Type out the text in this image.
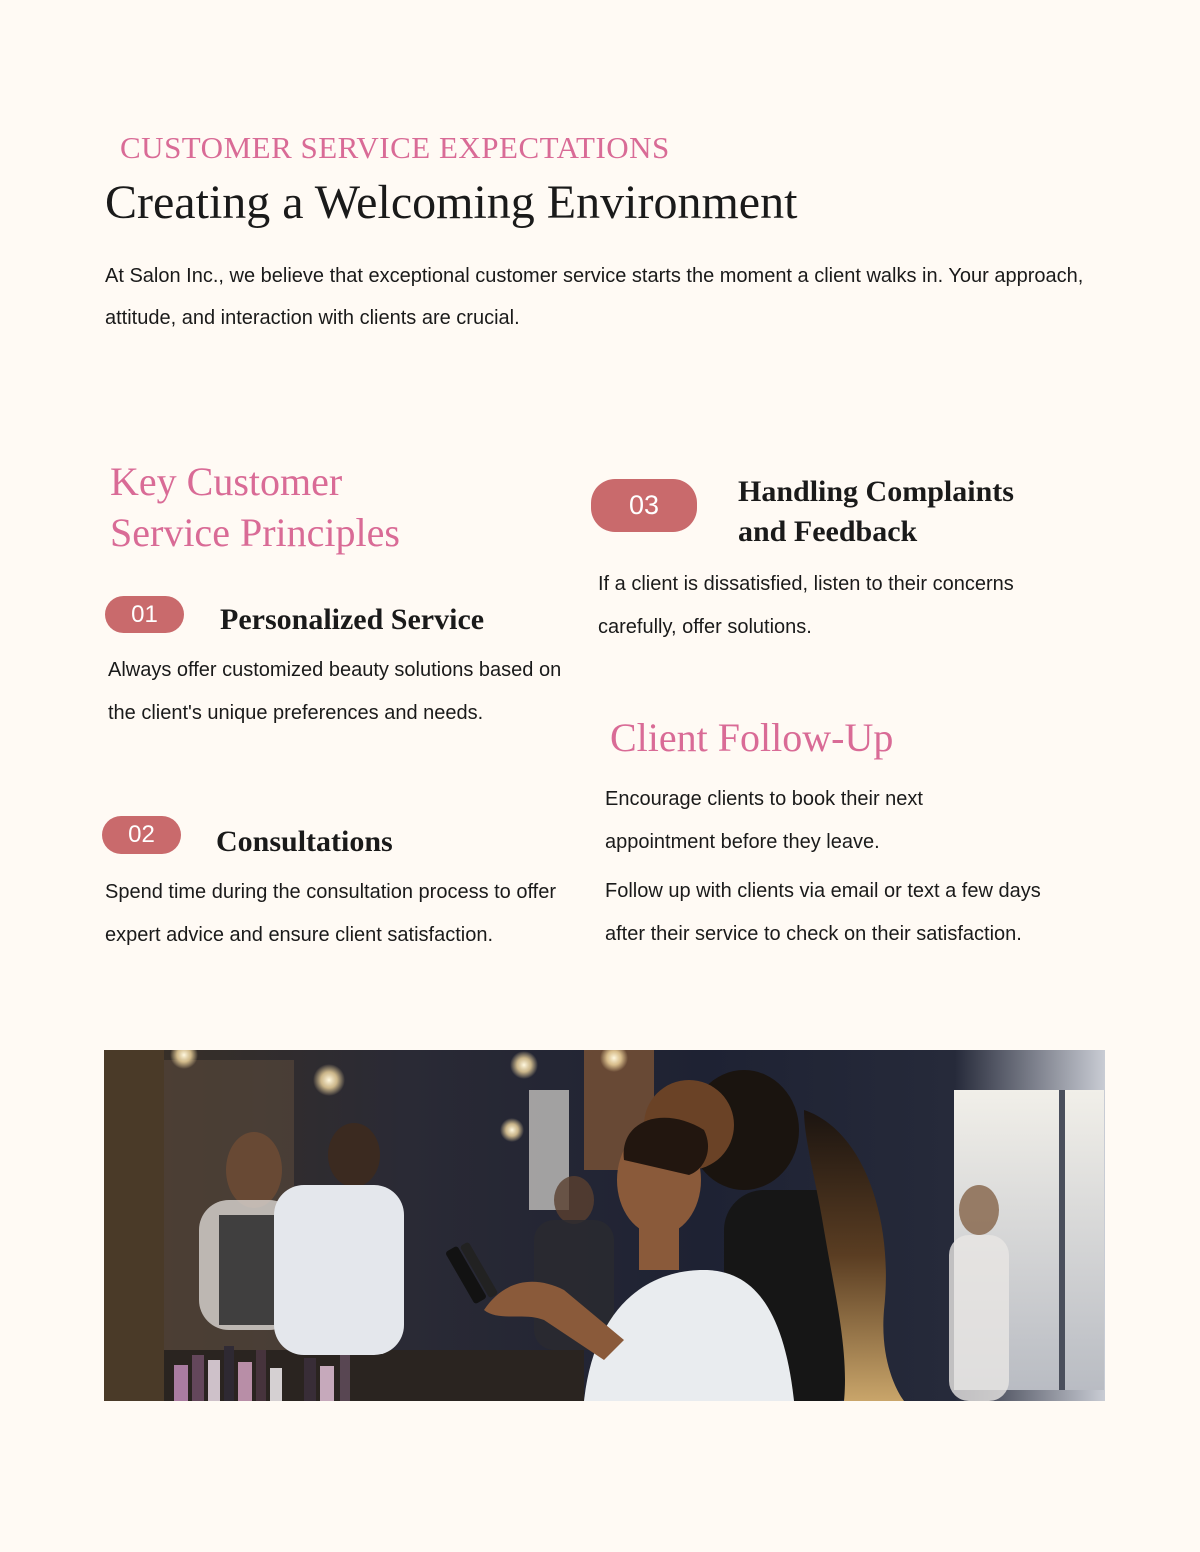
CUSTOMER SERVICE EXPECTATIONS
Creating a Welcoming Environment

At Salon Inc., we believe that exceptional customer service starts the moment a client walks in. Your approach, attitude, and interaction with clients are crucial.

Key Customer Service Principles
01	Personalized Service

Always offer customized beauty solutions based on the client's unique preferences and needs.

02	Consultations

Spend time during the consultation process to offer expert advice and ensure client satisfaction.

03	Handling Complaints and Feedback

If a client is dissatisfied, listen to their concerns carefully, offer solutions.

Client Follow-Up

Encourage clients to book their next appointment before they leave.

Follow up with clients via email or text a few days after their service to check on their satisfaction.
